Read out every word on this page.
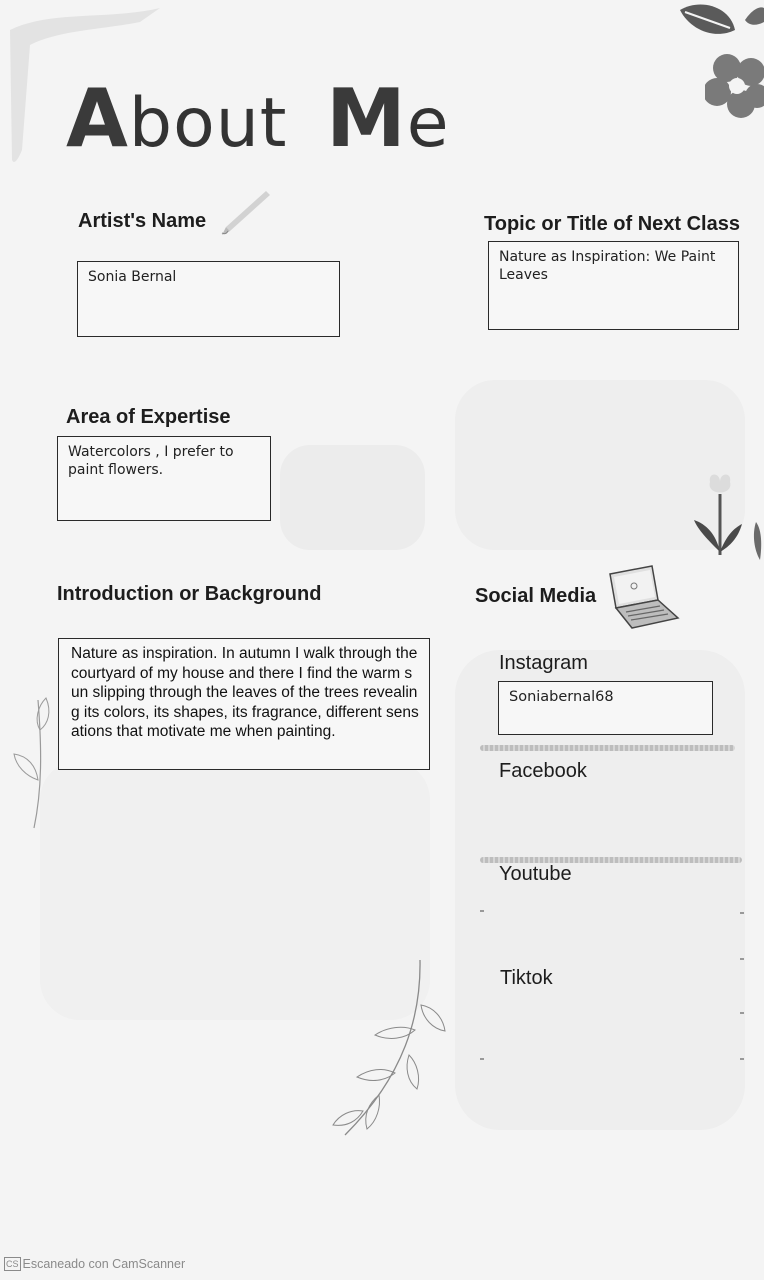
About Me
Artist's Name
Sonia Bernal
Topic or Title of Next Class
Nature as Inspiration: We Paint Leaves
Area of Expertise
Watercolors , I prefer to paint flowers.
Introduction or Background
Nature as inspiration. In autumn I walk through the courtyard of my house and there I find the warm sun slipping through the leaves of the trees revealing its colors, its shapes, its fragrance, different sensations that motivate me when painting.
Social Media
Instagram
Soniabernal68
Facebook
Youtube
Tiktok
CS Escaneado con CamScanner
